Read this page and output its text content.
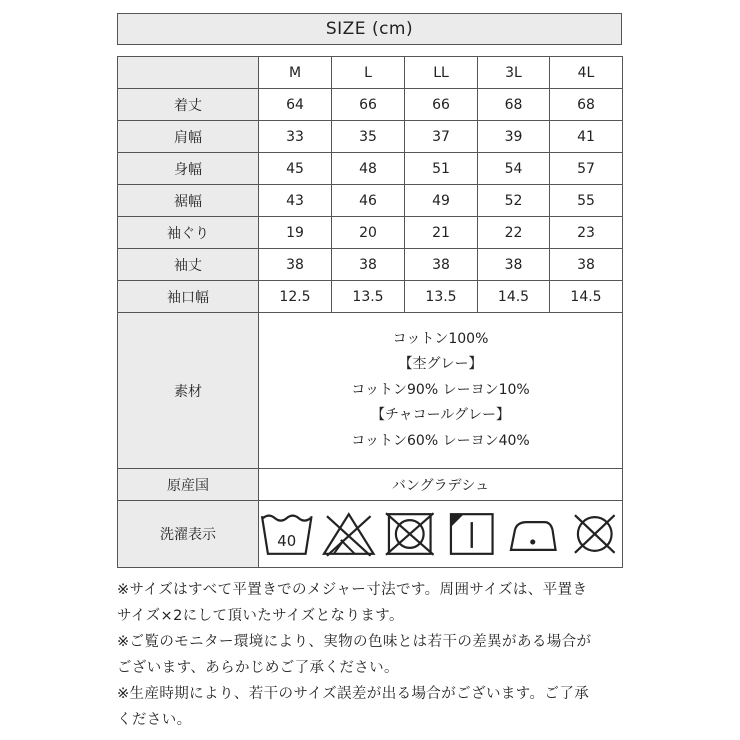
SIZE (cm)
	M	L	LL	3L	4L
着丈	64	66	66	68	68
肩幅	33	35	37	39	41
身幅	45	48	51	54	57
裾幅	43	46	49	52	55
袖ぐり	19	20	21	22	23
袖丈	38	38	38	38	38
袖口幅	12.5	13.5	13.5	14.5	14.5
素材	コットン100%
【杢グレー】
コットン90% レーヨン10%
【チャコールグレー】
コットン60% レーヨン40%				

原産国	バングラデシュ				
洗濯表示	40				

※サイズはすべて平置きでのメジャー寸法です。周囲サイズは、平置き

サイズ×2にして頂いたサイズとなります。

※ご覧のモニター環境により、実物の色味とは若干の差異がある場合が

ございます、あらかじめご了承ください。

※生産時期により、若干のサイズ誤差が出る場合がございます。ご了承

ください。
